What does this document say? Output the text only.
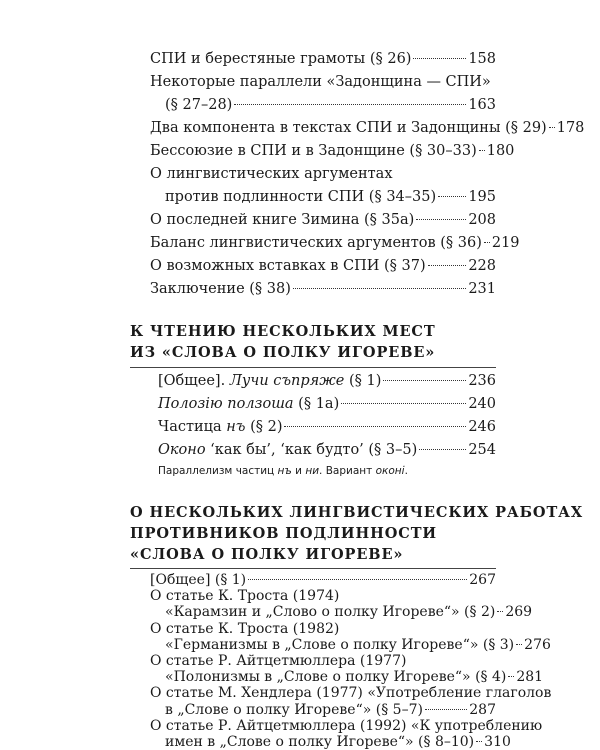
СПИ и берестяные грамоты (§ 26)	158
Некоторые параллели «Задонщина — СПИ»
(§ 27–28)	163
Два компонента в текстах СПИ и Задонщины (§ 29) 178
Бессоюзие в СПИ и в Задонщине (§ 30–33) 180
О лингвистических аргументах
против подлинности СПИ (§ 34–35) 195
О последней книге Зимина (§ 35а)	208
Баланс лингвистических аргументов (§ 36) 219
О возможных вставках в СПИ (§ 37)	228
Заключение (§ 38)	231
К ЧТЕНИЮ НЕСКОЛЬКИХ МЕСТ
ИЗ «СЛОВА О ПОЛКУ ИГОРЕВЕ»
[Общее]. Лучи съпряже (§ 1)	236
Полозію ползоша (§ 1а)	240
Частица нъ (§ 2)	246
Оконо ‘как бы’, ‘как будто’ (§ 3–5)	254
Параллелизм частиц нъ и ни. Вариант оконі.
О НЕСКОЛЬКИХ ЛИНГВИСТИЧЕСКИХ РАБОТАХ
ПРОТИВНИКОВ ПОДЛИННОСТИ
«СЛОВА О ПОЛКУ ИГОРЕВЕ»
[Общее] (§ 1)	267
О статье К. Троста (1974)
«Карамзин и „Слово о полку Игореве“» (§ 2) 269
О статье К. Троста (1982)
«Германизмы в „Слове о полку Игореве“» (§ 3) 276
О статье Р. Айтцетмюллера (1977)
«Полонизмы в „Слове о полку Игореве“» (§ 4) 281
О статье М. Хендлера (1977) «Употребление глаголов
в „Слове о полку Игореве“» (§ 5–7)	287
О статье Р. Айтцетмюллера (1992) «К употреблению
имен в „Слове о полку Игореве“» (§ 8–10) 310
